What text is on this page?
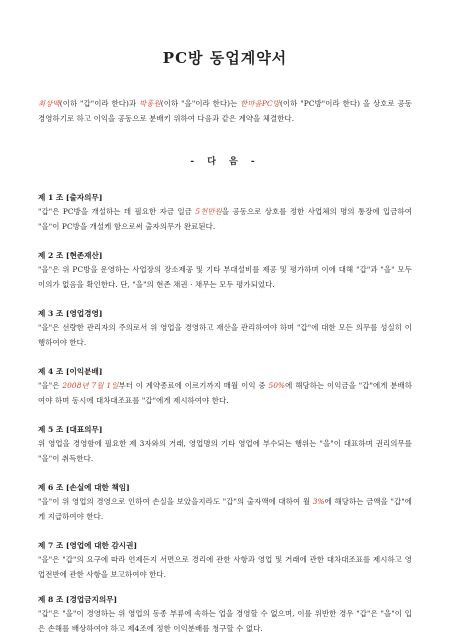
PC방 동업계약서
최상맥(이하 "갑"이라 한다)과 박홍원(이하 "을"이라 한다)는 한마음PC방(이하 "PC방"이라 한다) 을 상호로 공동경영하기로 하고 이익을 공동으로 분배키 위하여 다음과 같은 계약을 체결한다.
- 다 음 -
제 1 조 [출자의무]
"갑"은 PC방을 개설하는 데 필요한 자금 일금 5천만원을 공동으로 상호를 정한 사업체의 명의 통장에 입금하여 "을"이 PC방을 개설케 함으로써 출자의무가 완료된다.
제 2 조 [현존재산]
"을"은 위 PC방을 운영하는 사업장의 장소제공 및 기타 부대설비를 제공 및 평가하며 이에 대해 "갑"과 "을" 모두 이의가 없음을 확인한다. 단, "을"의 현존 채권 · 채무는 모두 평가되었다.
제 3 조 [영업경영]
"을"은 선량한 관리자의 주의로서 위 영업을 경영하고 재산을 관리하여야 하며 "갑"에 대한 모든 의무를 성실히 이행하여야 한다.
제 4 조 [이익분배]
"을"은 2008년 7월 1일부터 이 계약종료에 이르기까지 매월 이익 중 50%에 해당하는 이익금을 "갑"에게 분배하여야 하며 동시에 대차대조표를 "갑"에게 제시하여야 한다.
제 5 조 [대표의무]
위 영업을 경영함에 필요한 제 3자와의 거래, 영업명의 기타 영업에 부수되는 행위는 "을"이 대표하며 권리의무를 "을"이 취득한다.
제 6 조 [손실에 대한 책임]
"을"이 위 영업의 경영으로 인하여 손실을 보았을지라도 "갑"의 출자액에 대하여 월 3%에 해당하는 금액을 "갑"에게 지급하여야 한다.
제 7 조 [영업에 대한 감시권]
"을"은 "갑"의 요구에 따라 언제든지 서면으로 경리에 관한 사항과 영업 및 거래에 관한 대차대조표를 제시하고 영업전반에 관한 사항을 보고하여야 한다.
제 8 조 [경업금지의무]
"갑"은 "을"이 경영하는 위 영업의 동종 부류에 속하는 업을 경영할 수 없으며, 이를 위반한 경우 "갑"은 "을"이 입은 손해를 배상하여야 하고 제4조에 정한 이익분배를 청구할 수 없다.
